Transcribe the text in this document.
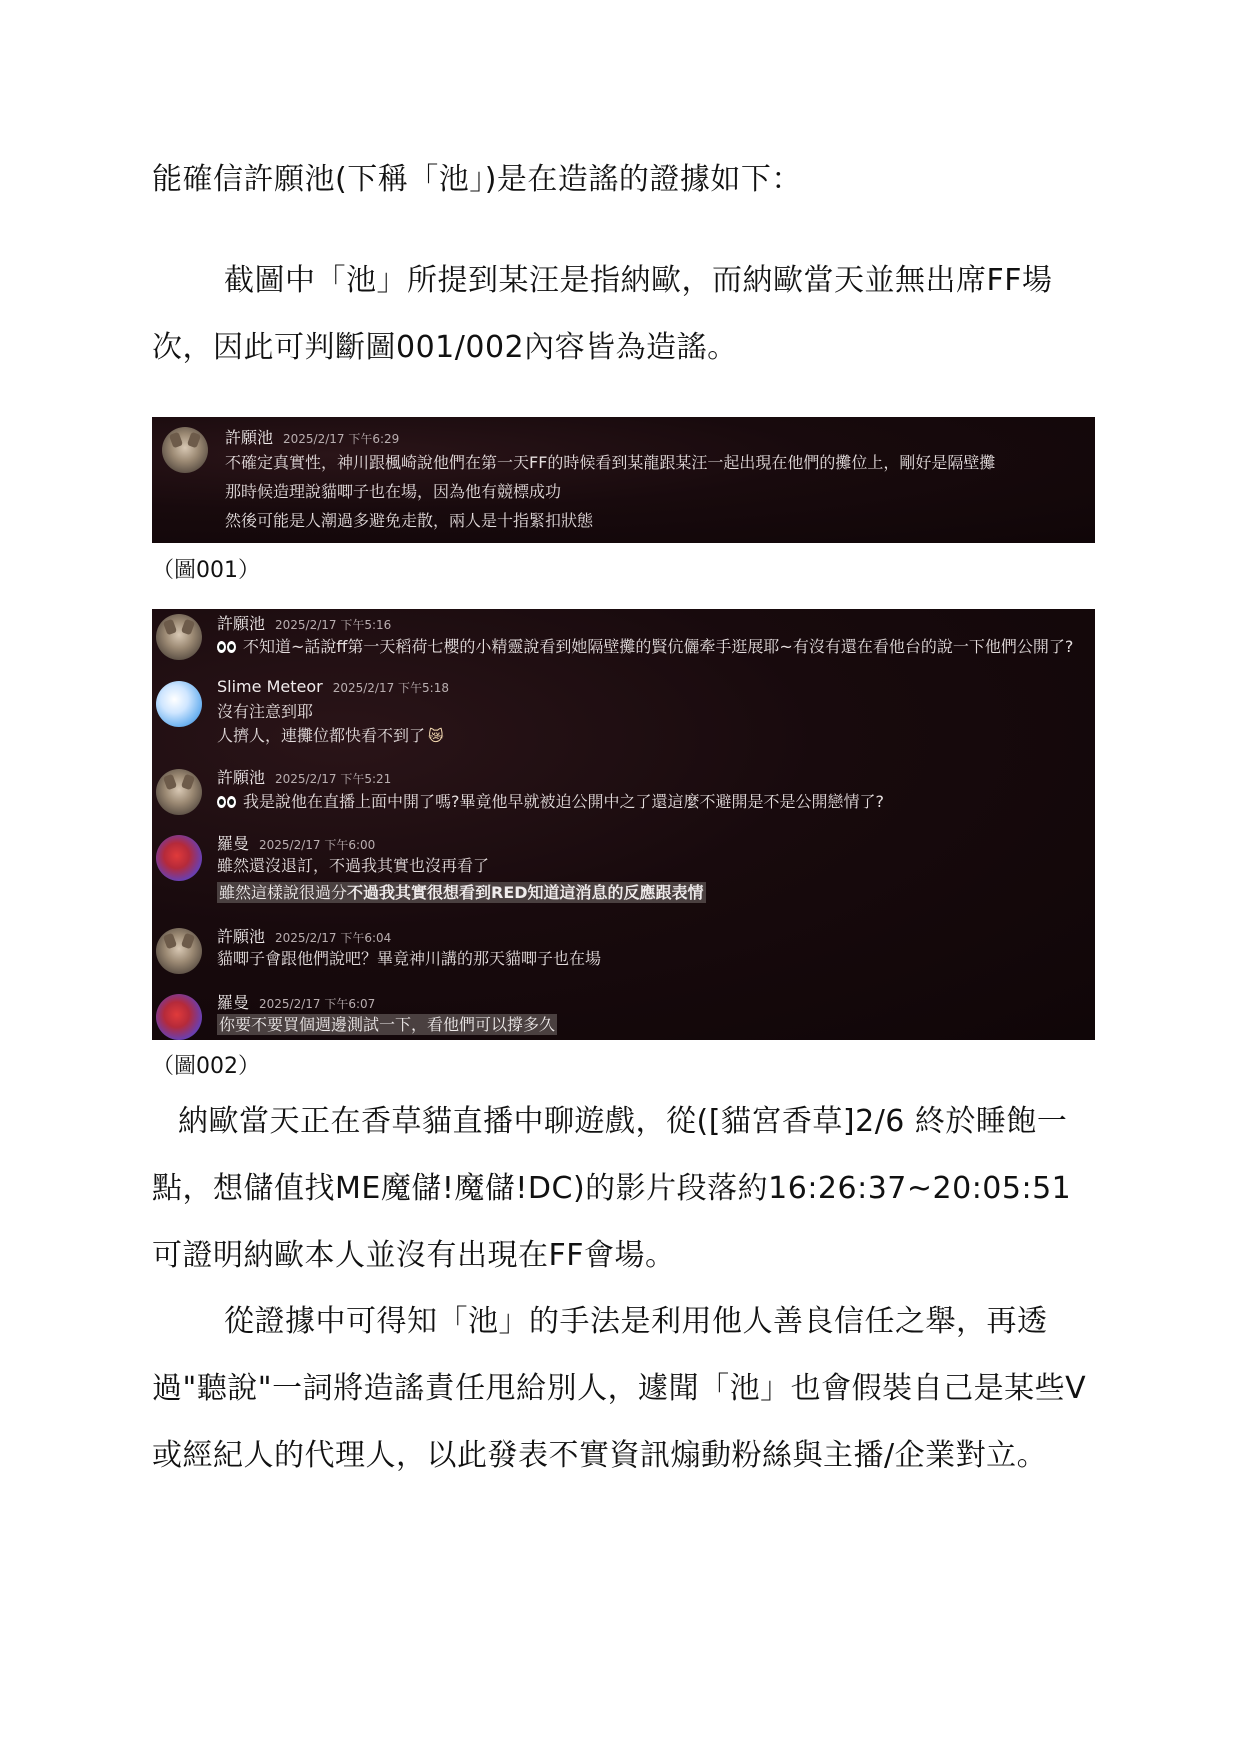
能確信許願池(下稱「池」)是在造謠的證據如下：
截圖中「池」所提到某汪是指納歐，而納歐當天並無出席FF場次，因此可判斷圖001/002內容皆為造謠。
許願池 2025/2/17 下午6:29
不確定真實性，神川跟楓崎說他們在第一天FF的時候看到某龍跟某汪一起出現在他們的攤位上，剛好是隔壁攤
那時候造理說貓唧子也在場，因為他有競標成功
然後可能是人潮過多避免走散，兩人是十指緊扣狀態
（圖001）
許願池 2025/2/17 下午5:16
不知道~話說ff第一天稻荷七櫻的小精靈說看到她隔壁攤的賢伉儷牽手逛展耶~有沒有還在看他台的說一下他們公開了?
Slime Meteor 2025/2/17 下午5:18
沒有注意到耶
人擠人，連攤位都快看不到了 😿
許願池 2025/2/17 下午5:21
我是說他在直播上面中開了嗎?畢竟他早就被迫公開中之了還這麼不避開是不是公開戀情了?
羅曼 2025/2/17 下午6:00
雖然還沒退訂，不過我其實也沒再看了
雖然這樣說很過分不過我其實很想看到RED知道這消息的反應跟表情
許願池 2025/2/17 下午6:04
貓唧子會跟他們說吧？畢竟神川講的那天貓唧子也在場
羅曼 2025/2/17 下午6:07
你要不要買個週邊測試一下，看他們可以撐多久
（圖002）
納歐當天正在香草貓直播中聊遊戲，從([貓宮香草]2/6 終於睡飽一點，想儲值找ME魔儲!魔儲!DC)的影片段落約16:26:37~20:05:51可證明納歐本人並沒有出現在FF會場。
從證據中可得知「池」的手法是利用他人善良信任之舉，再透過"聽說"一詞將造謠責任甩給別人，遽聞「池」也會假裝自己是某些V或經紀人的代理人，以此發表不實資訊煽動粉絲與主播/企業對立。
